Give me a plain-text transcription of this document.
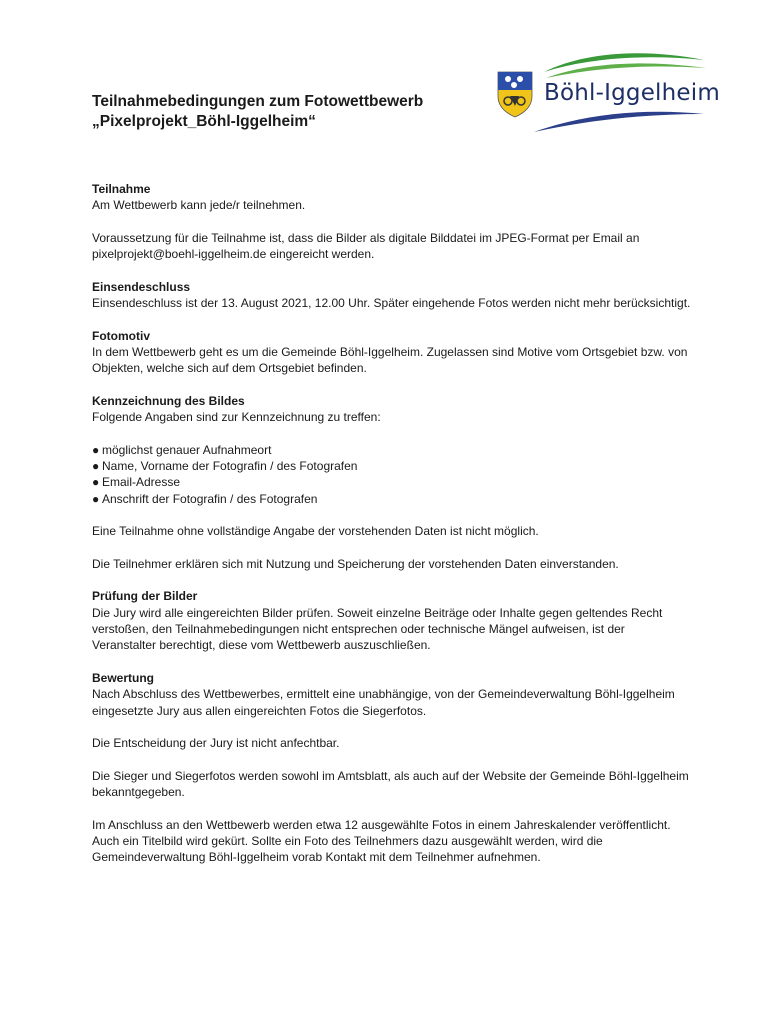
Teilnahmebedingungen zum Fotowettbewerb
„Pixelprojekt_Böhl-Iggelheim“
Böhl-Iggelheim

Teilnahme
Am Wettbewerb kann jede/r teilnehmen.

Voraussetzung für die Teilnahme ist, dass die Bilder als digitale Bilddatei im JPEG-Format per Email an pixelprojekt@boehl-iggelheim.de eingereicht werden.

Einsendeschluss
Einsendeschluss ist der 13. August 2021, 12.00 Uhr. Später eingehende Fotos werden nicht mehr berücksichtigt.

Fotomotiv
In dem Wettbewerb geht es um die Gemeinde Böhl-Iggelheim. Zugelassen sind Motive vom Ortsgebiet bzw. von Objekten, welche sich auf dem Ortsgebiet befinden.

Kennzeichnung des Bildes
Folgende Angaben sind zur Kennzeichnung zu treffen:

● möglichst genauer Aufnahmeort
● Name, Vorname der Fotografin / des Fotografen
● Email-Adresse
● Anschrift der Fotografin / des Fotografen

Eine Teilnahme ohne vollständige Angabe der vorstehenden Daten ist nicht möglich.

Die Teilnehmer erklären sich mit Nutzung und Speicherung der vorstehenden Daten einverstanden.

Prüfung der Bilder
Die Jury wird alle eingereichten Bilder prüfen. Soweit einzelne Beiträge oder Inhalte gegen geltendes Recht verstoßen, den Teilnahmebedingungen nicht entsprechen oder technische Mängel aufweisen, ist der Veranstalter berechtigt, diese vom Wettbewerb auszuschließen.

Bewertung
Nach Abschluss des Wettbewerbes, ermittelt eine unabhängige, von der Gemeindeverwaltung Böhl-Iggelheim eingesetzte Jury aus allen eingereichten Fotos die Siegerfotos.

Die Entscheidung der Jury ist nicht anfechtbar.

Die Sieger und Siegerfotos werden sowohl im Amtsblatt, als auch auf der Website der Gemeinde Böhl-Iggelheim bekanntgegeben.

Im Anschluss an den Wettbewerb werden etwa 12 ausgewählte Fotos in einem Jahreskalender veröffentlicht. Auch ein Titelbild wird gekürt. Sollte ein Foto des Teilnehmers dazu ausgewählt werden, wird die Gemeindeverwaltung Böhl-Iggelheim vorab Kontakt mit dem Teilnehmer aufnehmen.
